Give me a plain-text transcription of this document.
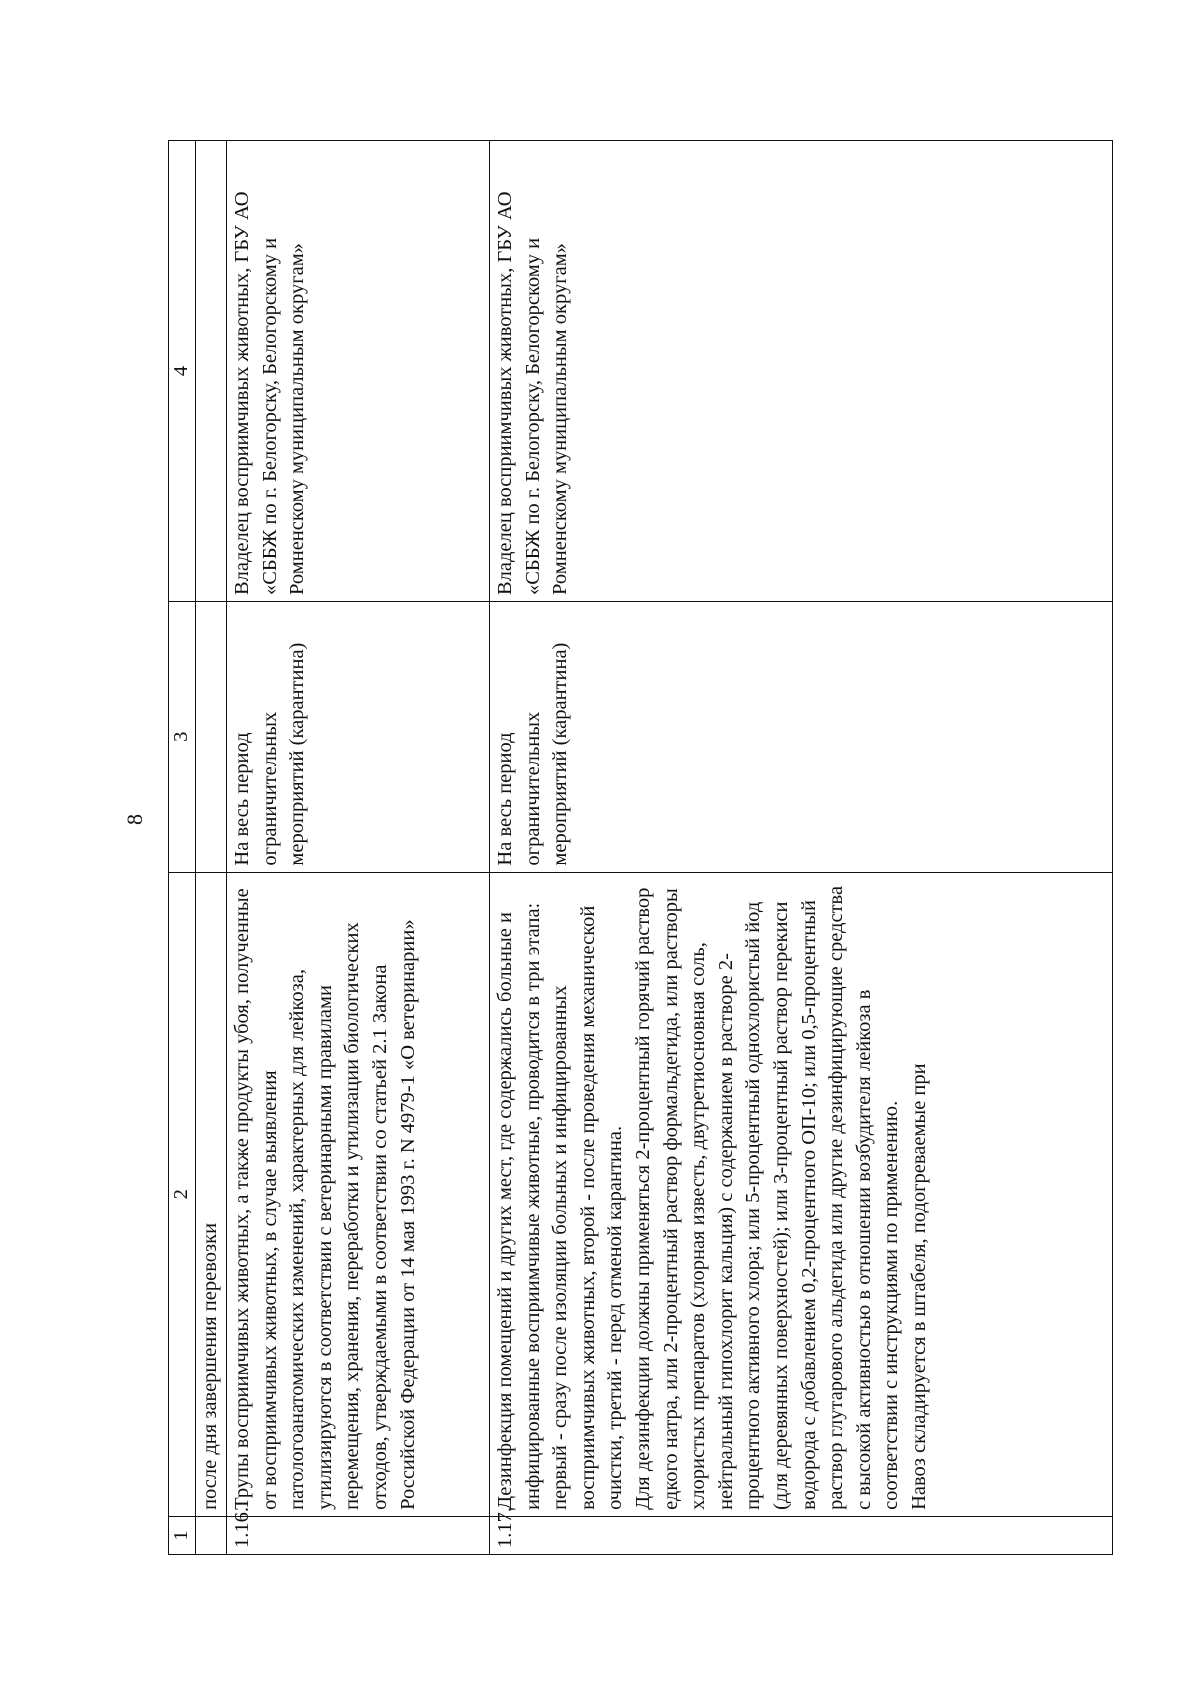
8
1	2	3	4
	после дня завершения перевозки		
1.16.	Трупы восприимчивых животных, а также продукты убоя, полученные от восприимчивых животных, в случае выявления патологоанатомических изменений, характерных для лейкоза, утилизируются в соответствии с ветеринарными правилами перемещения, хранения, переработки и утилизации биологических отходов, утверждаемыми в соответствии со статьей 2.1 Закона Российской Федерации от 14 мая 1993 г. N 4979-1 «О ветеринарии»	На весь период ограничительных мероприятий (карантина)	Владелец восприимчивых животных, ГБУ АО «СББЖ по г. Белогорску, Белогорскому и Ромненскому муниципальным округам»
1.17.	Дезинфекция помещений и других мест, где содержались больные и инфицированные восприимчивые животные, проводится в три этапа: первый - сразу после изоляции больных и инфицированных восприимчивых животных, второй - после проведения механической очистки, третий - перед отменой карантина. Для дезинфекции должны применяться 2-процентный горячий раствор едкого натра, или 2-процентный раствор формальдегида, или растворы хлористых препаратов (хлорная известь, двутретиосновная соль, нейтральный гипохлорит кальция) с содержанием в растворе 2-процентного активного хлора; или 5-процентный однохлористый йод (для деревянных поверхностей); или 3-процентный раствор перекиси водорода с добавлением 0,2-процентного ОП-10; или 0,5-процентный раствор глутарового альдегида или другие дезинфицирующие средства с высокой активностью в отношении возбудителя лейкоза в соответствии с инструкциями по применению. Навоз складируется в штабеля, подогреваемые при	На весь период ограничительных мероприятий (карантина)	Владелец восприимчивых животных, ГБУ АО «СББЖ по г. Белогорску, Белогорскому и Ромненскому муниципальным округам»
